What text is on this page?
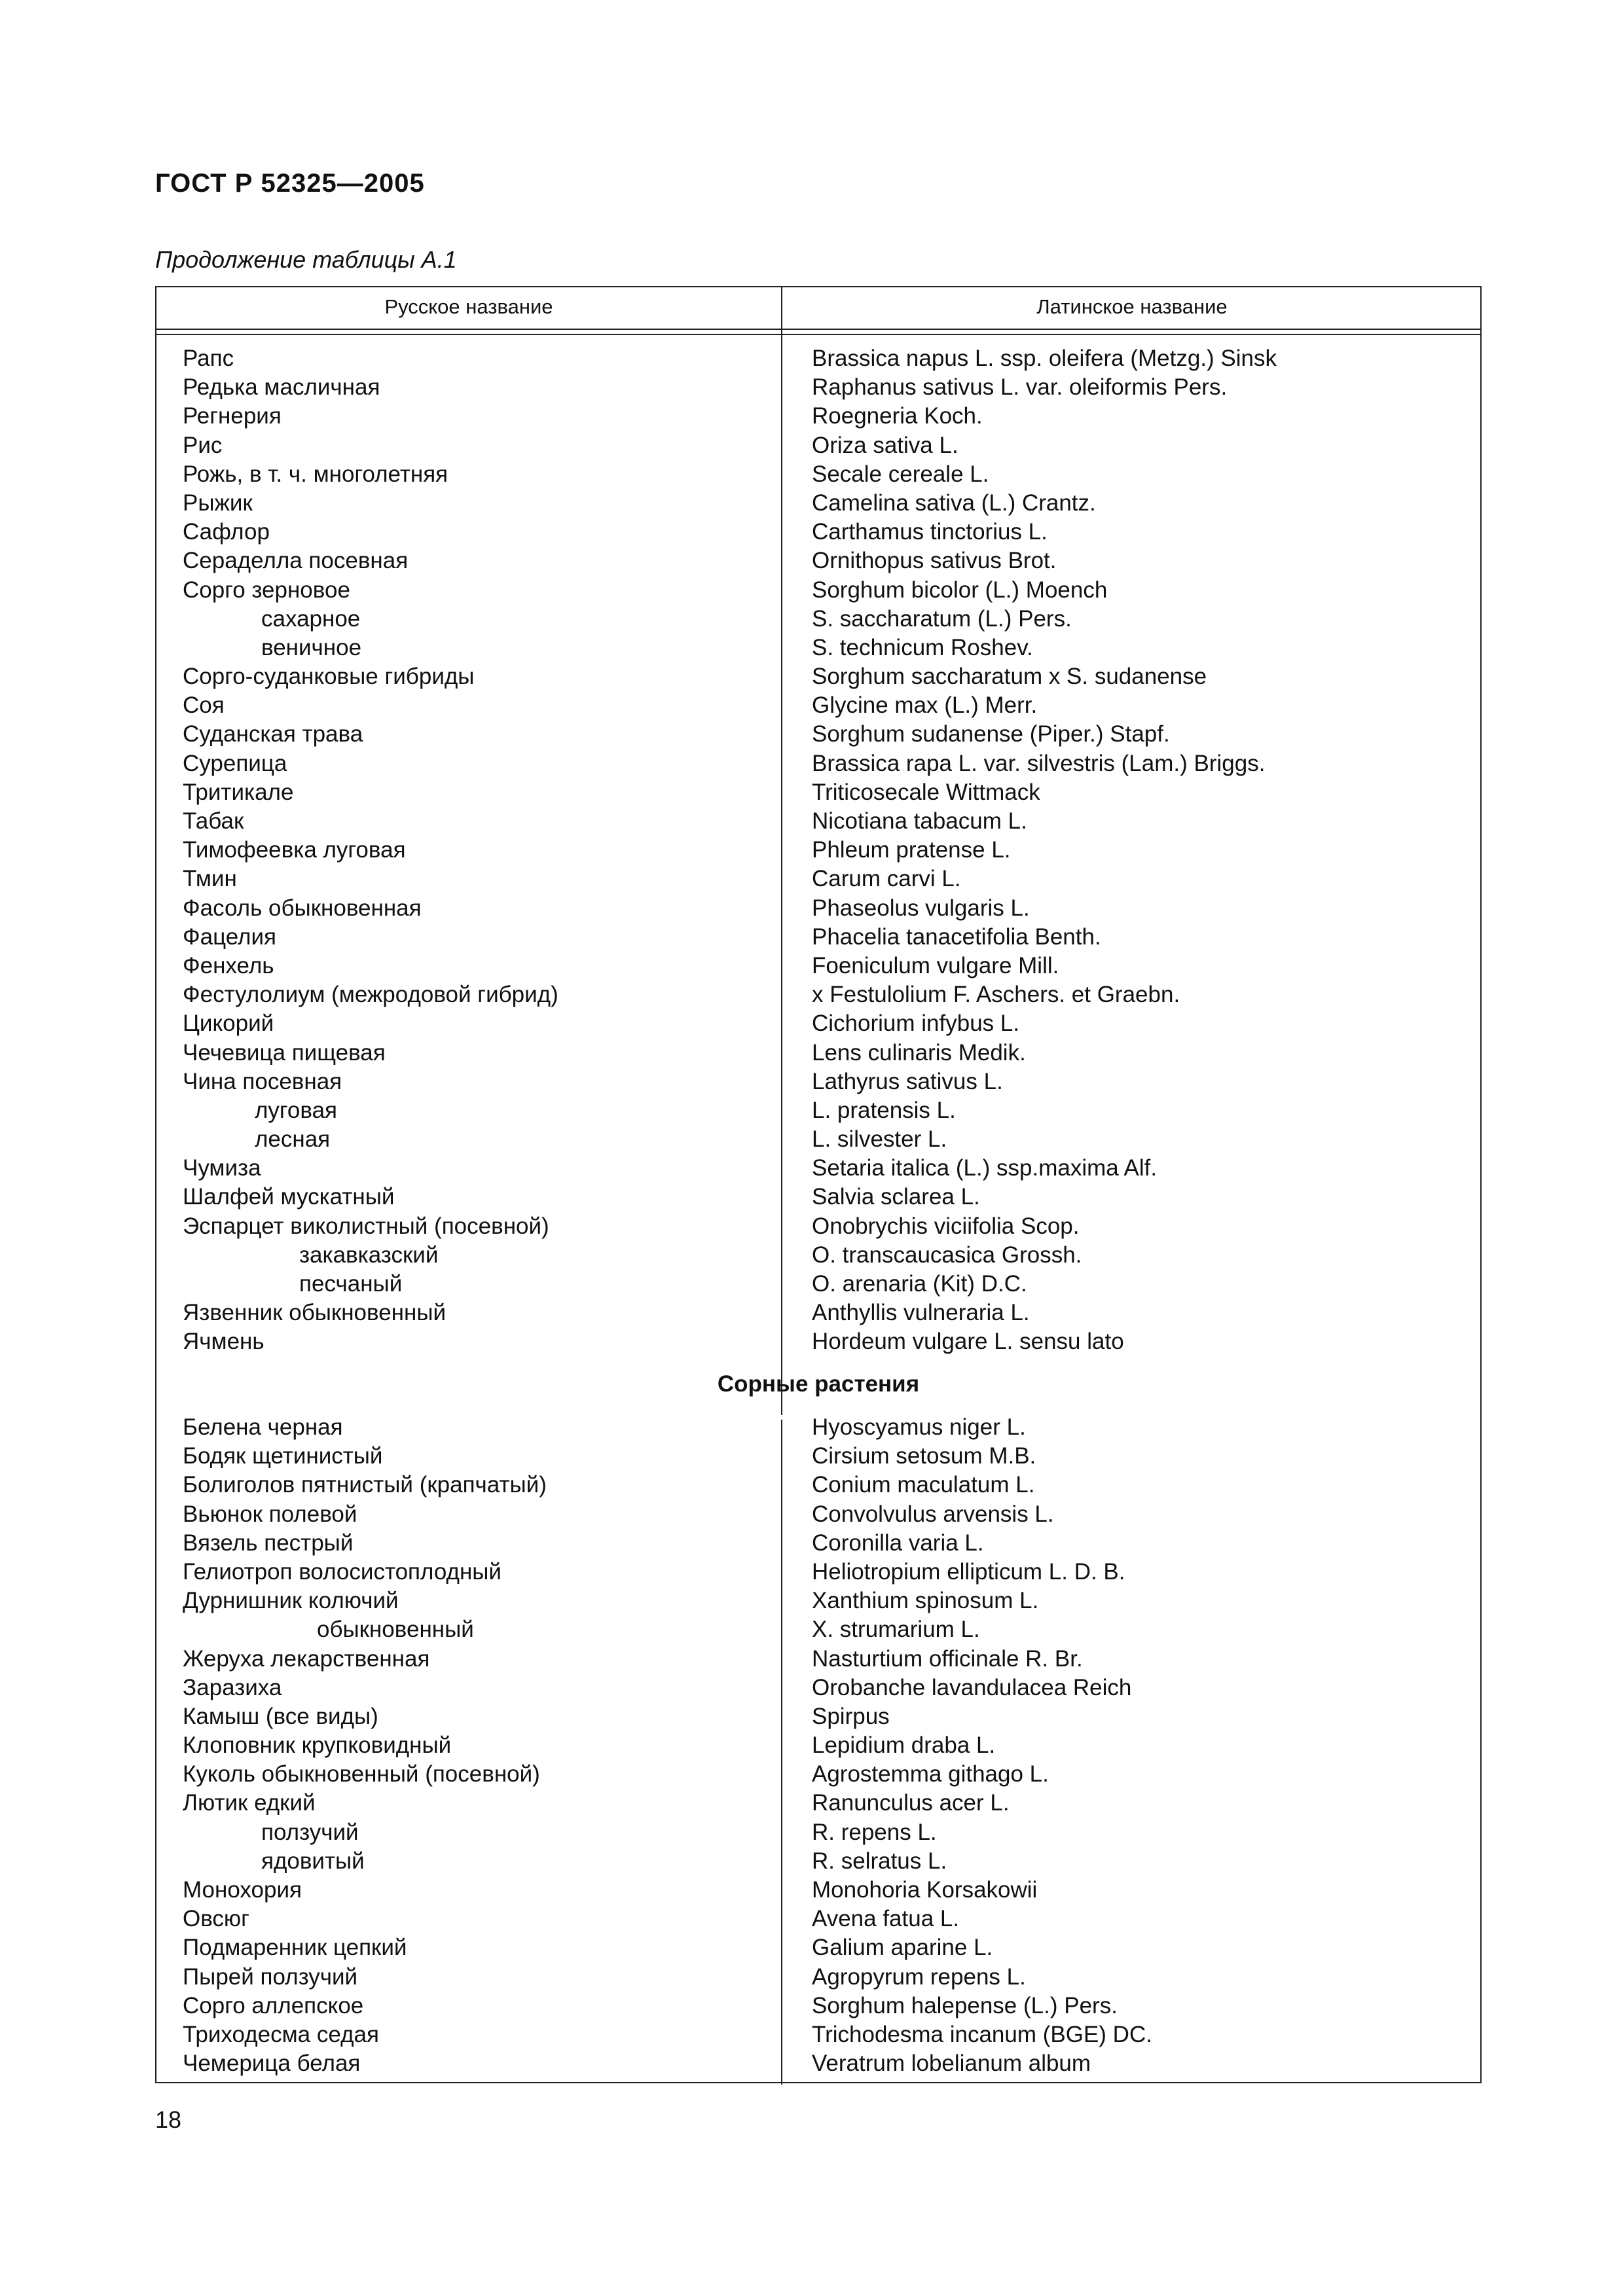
ГОСТ Р 52325—2005
Продолжение таблицы А.1
Русское название	Латинское название
Рапс	Brassica napus L. ssp. oleifera (Metzg.) Sinsk
Редька масличная	Raphanus sativus L. var. oleiformis Pers.
Регнерия	Roegneria Koch.
Рис	Oriza sativa L.
Рожь, в т. ч. многолетняя	Secale cereale L.
Рыжик	Camelina sativa (L.) Crantz.
Сафлор	Carthamus tinctorius L.
Сераделла посевная	Ornithopus sativus Brot.
Сорго зерновое	Sorghum bicolor (L.) Moench
сахарное	S. saccharatum (L.) Pers.
веничное	S. technicum Roshev.
Сорго-суданковые гибриды	Sorghum saccharatum x S. sudanense
Соя	Glycine max (L.) Merr.
Суданская трава	Sorghum sudanense (Piper.) Stapf.
Сурепица	Brassica rapa L. var. silvestris (Lam.) Briggs.
Тритикале	Triticosecale Wittmack
Табак	Nicotiana tabacum L.
Тимофеевка луговая	Phleum pratense L.
Тмин	Carum carvi L.
Фасоль обыкновенная	Phaseolus vulgaris L.
Фацелия	Phacelia tanacetifolia Benth.
Фенхель	Foeniculum vulgare Mill.
Фестулолиум (межродовой гибрид)	x Festulolium F. Aschers. et Graebn.
Цикорий	Cichorium infybus L.
Чечевица пищевая	Lens culinaris Medik.
Чина посевная	Lathyrus sativus L.
луговая	L. pratensis L.
лесная	L. silvester L.
Чумиза	Setaria italica (L.) ssp.maxima Alf.
Шалфей мускатный	Salvia sclarea L.
Эспарцет виколистный (посевной)	Onobrychis viciifolia Scop.
закавказский	O. transcaucasica Grossh.
песчаный	O. arenaria (Kit) D.C.
Язвенник обыкновенный	Anthyllis vulneraria L.
Ячмень	Hordeum vulgare L. sensu lato
Сорные растения
Белена черная	Hyoscyamus niger L.
Бодяк щетинистый	Cirsium setosum M.B.
Болиголов пятнистый (крапчатый)	Conium maculatum L.
Вьюнок полевой	Convolvulus arvensis L.
Вязель пестрый	Coronilla varia L.
Гелиотроп волосистоплодный	Heliotropium ellipticum L. D. B.
Дурнишник колючий	Xanthium spinosum L.
обыкновенный	X. strumarium L.
Жеруха лекарственная	Nasturtium officinale R. Br.
Заразиха	Orobanche lavandulacea Reich
Камыш (все виды)	Spirpus
Клоповник крупковидный	Lepidium draba L.
Куколь обыкновенный (посевной)	Agrostemma githago L.
Лютик едкий	Ranunculus acer L.
ползучий	R. repens L.
ядовитый	R. selratus L.
Монохория	Monohoria Korsakowii
Овсюг	Avena fatua L.
Подмаренник цепкий	Galium aparine L.
Пырей ползучий	Agropyrum repens L.
Сорго аллепское	Sorghum halepense (L.) Pers.
Триходесма седая	Trichodesma incanum (BGE) DC.
Чемерица белая	Veratrum lobelianum album
18
